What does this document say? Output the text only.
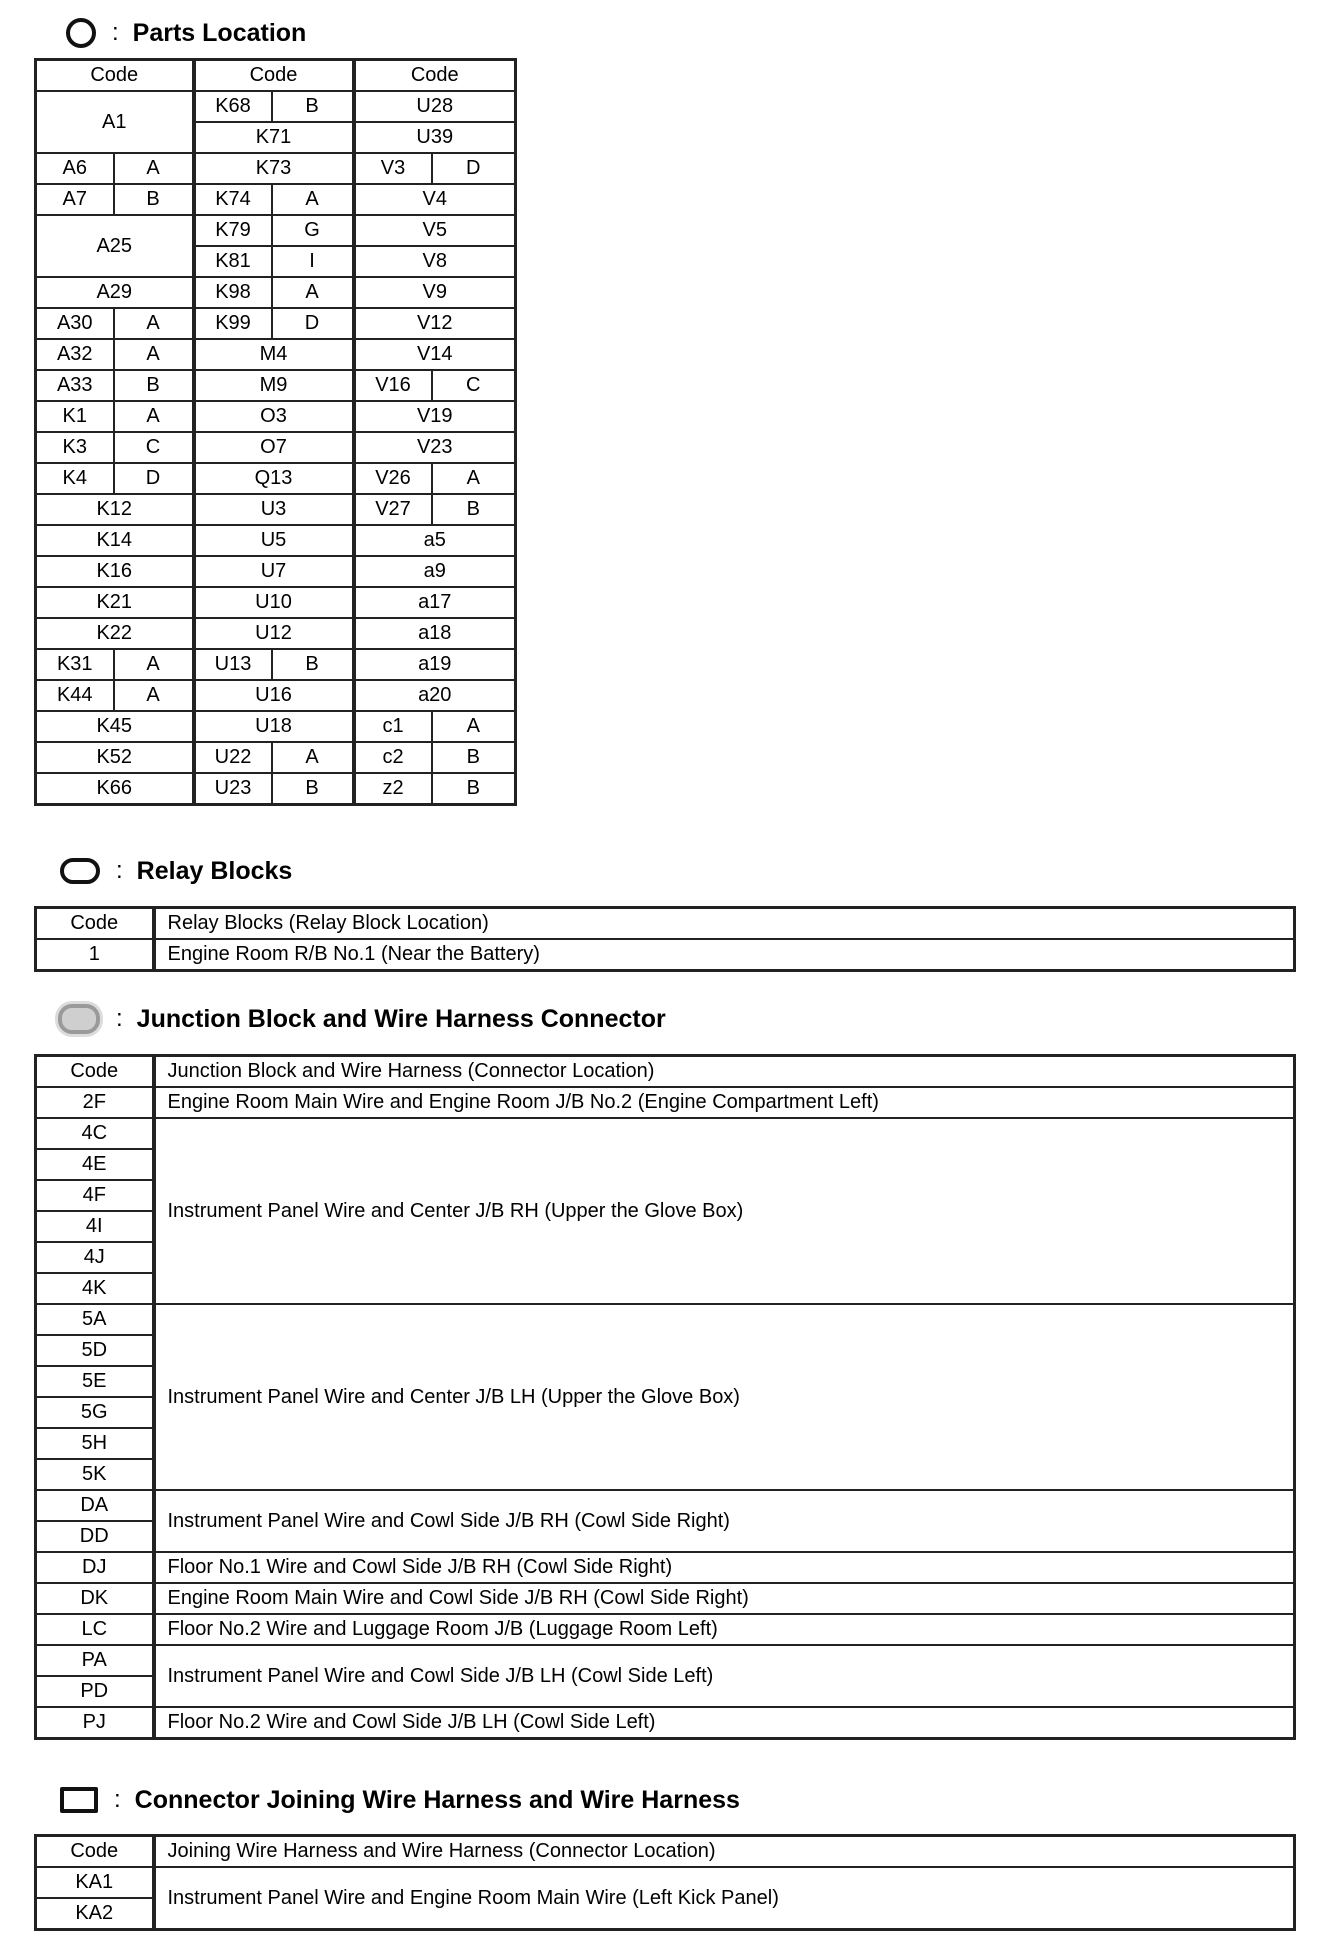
: Parts Location
Code		Code		Code	
A1		K68	B	U28	
		K71		U39	
A6	A	K73		V3	D
A7	B	K74	A	V4	
A25		K79	G	V5	
		K81	I	V8	
A29		K98	A	V9	
A30	A	K99	D	V12	
A32	A	M4		V14	
A33	B	M9		V16	C
K1	A	O3		V19	
K3	C	O7		V23	
K4	D	Q13		V26	A
K12		U3		V27	B
K14		U5		a5	
K16		U7		a9	
K21		U10		a17	
K22		U12		a18	
K31	A	U13	B	a19	
K44	A	U16		a20	
K45		U18		c1	A
K52		U22	A	c2	B
K66		U23	B	z2	B
: Relay Blocks
Code	Relay Blocks (Relay Block Location)
1	Engine Room R/B No.1 (Near the Battery)
: Junction Block and Wire Harness Connector
Code	Junction Block and Wire Harness (Connector Location)
2F	Engine Room Main Wire and Engine Room J/B No.2 (Engine Compartment Left)
4C	Instrument Panel Wire and Center J/B RH (Upper the Glove Box)
4E	
4F	
4I	
4J	
4K	
5A	Instrument Panel Wire and Center J/B LH (Upper the Glove Box)
5D	
5E	
5G	
5H	
5K	
DA	Instrument Panel Wire and Cowl Side J/B RH (Cowl Side Right)
DD	
DJ	Floor No.1 Wire and Cowl Side J/B RH (Cowl Side Right)
DK	Engine Room Main Wire and Cowl Side J/B RH (Cowl Side Right)
LC	Floor No.2 Wire and Luggage Room J/B (Luggage Room Left)
PA	Instrument Panel Wire and Cowl Side J/B LH (Cowl Side Left)
PD	
PJ	Floor No.2 Wire and Cowl Side J/B LH (Cowl Side Left)
: Connector Joining Wire Harness and Wire Harness
Code	Joining Wire Harness and Wire Harness (Connector Location)
KA1	Instrument Panel Wire and Engine Room Main Wire (Left Kick Panel)
KA2	
